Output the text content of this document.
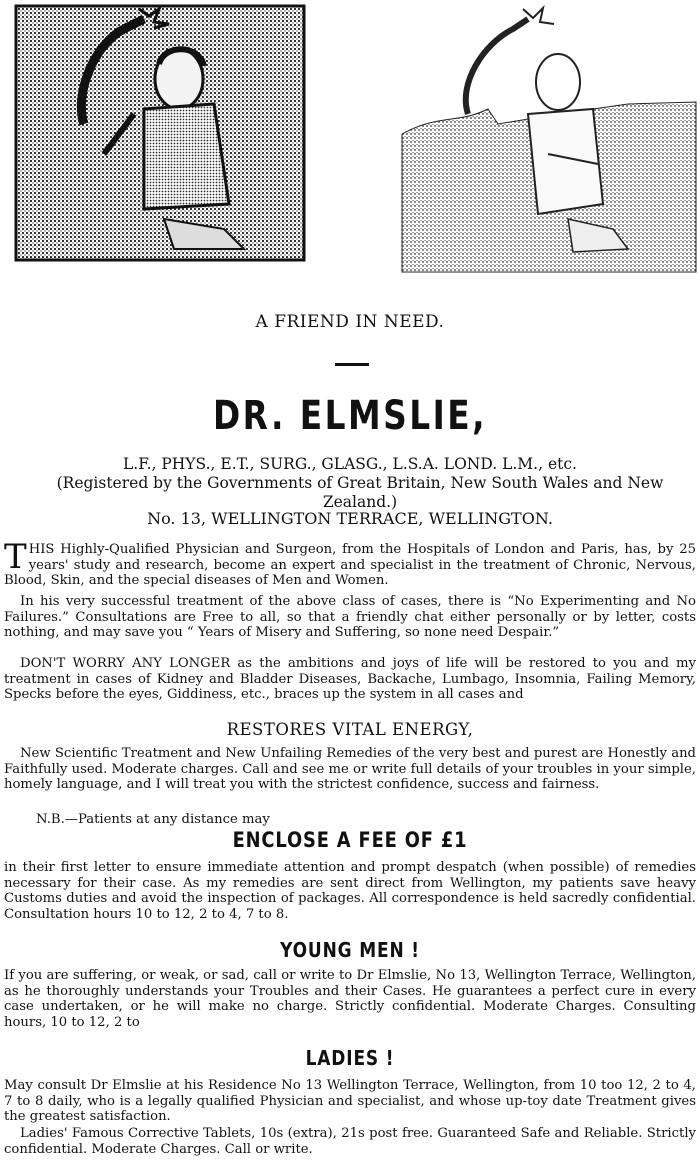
A FRIEND IN NEED.
DR. ELMSLIE,
L.F., PHYS., E.T., SURG., GLASG., L.S.A. LOND. L.M., etc.
(Registered by the Governments of Great Britain, New South Wales and New Zealand.)
No. 13, WELLINGTON TERRACE, WELLINGTON.
THIS Highly-Qualified Physician and Surgeon, from the Hospitals of London and Paris, has, by 25 years' study and research, become an expert and specialist in the treatment of Chronic, Nervous, Blood, Skin, and the special diseases of Men and Women.
In his very successful treatment of the above class of cases, there is “No Experimenting and No Failures.” Consultations are Free to all, so that a friendly chat either personally or by letter, costs nothing, and may save you “ Years of Misery and Suffering, so none need Despair.”
DON'T WORRY ANY LONGER as the ambitions and joys of life will be restored to you and my treatment in cases of Kidney and Bladder Diseases, Backache, Lumbago, Insomnia, Failing Memory, Specks before the eyes, Giddiness, etc., braces up the system in all cases and
RESTORES VITAL ENERGY,
New Scientific Treatment and New Unfailing Remedies of the very best and purest are Honestly and Faithfully used. Moderate charges. Call and see me or write full details of your troubles in your simple, homely language, and I will treat you with the strictest confidence, success and fairness.
N.B.—Patients at any distance may
ENCLOSE A FEE OF £1
in their first letter to ensure immediate attention and prompt despatch (when possible) of remedies necessary for their case. As my remedies are sent direct from Wellington, my patients save heavy Customs duties and avoid the inspection of packages. All correspondence is held sacredly confidential. Consultation hours 10 to 12, 2 to 4, 7 to 8.
YOUNG MEN !
If you are suffering, or weak, or sad, call or write to Dr Elmslie, No 13, Wellington Terrace, Wellington, as he thoroughly understands your Troubles and their Cases. He guarantees a perfect cure in every case undertaken, or he will make no charge. Strictly confidential. Moderate Charges. Consulting hours, 10 to 12, 2 to
LADIES !
May consult Dr Elmslie at his Residence No 13 Wellington Terrace, Wellington, from 10 too 12, 2 to 4, 7 to 8 daily, who is a legally qualified Physician and specialist, and whose up-toy date Treatment gives the greatest satisfaction.
Ladies' Famous Corrective Tablets, 10s (extra), 21s post free. Guaranteed Safe and Reliable. Strictly confidential. Moderate Charges. Call or write.
